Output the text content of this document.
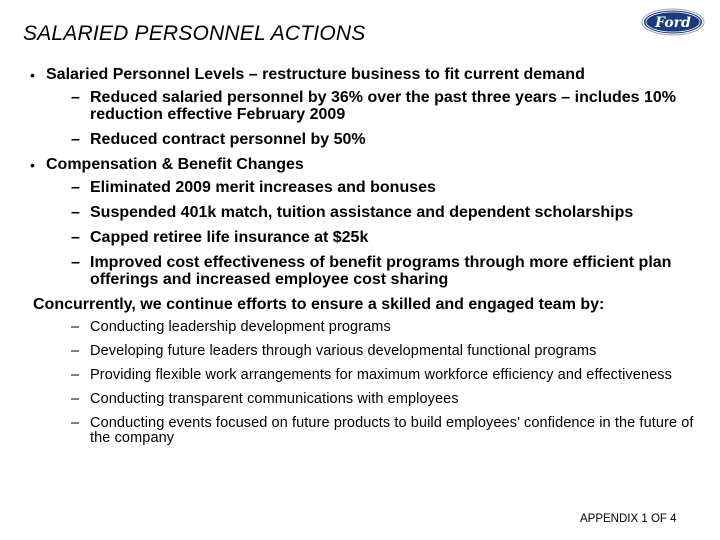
SALARIED PERSONNEL ACTIONS	Ford
• Salaried Personnel Levels – restructure business to fit current demand
– Reduced salaried personnel by 36% over the past three years – includes 10% reduction effective February 2009
– Reduced contract personnel by 50%
• Compensation & Benefit Changes
– Eliminated 2009 merit increases and bonuses
– Suspended 401k match, tuition assistance and dependent scholarships
– Capped retiree life insurance at $25k
– Improved cost effectiveness of benefit programs through more efficient plan offerings and increased employee cost sharing
Concurrently, we continue efforts to ensure a skilled and engaged team by:
– Conducting leadership development programs
– Developing future leaders through various developmental functional programs
– Providing flexible work arrangements for maximum workforce efficiency and effectiveness
– Conducting transparent communications with employees
– Conducting events focused on future products to build employees’ confidence in the future of the company
APPENDIX 1 OF 4
